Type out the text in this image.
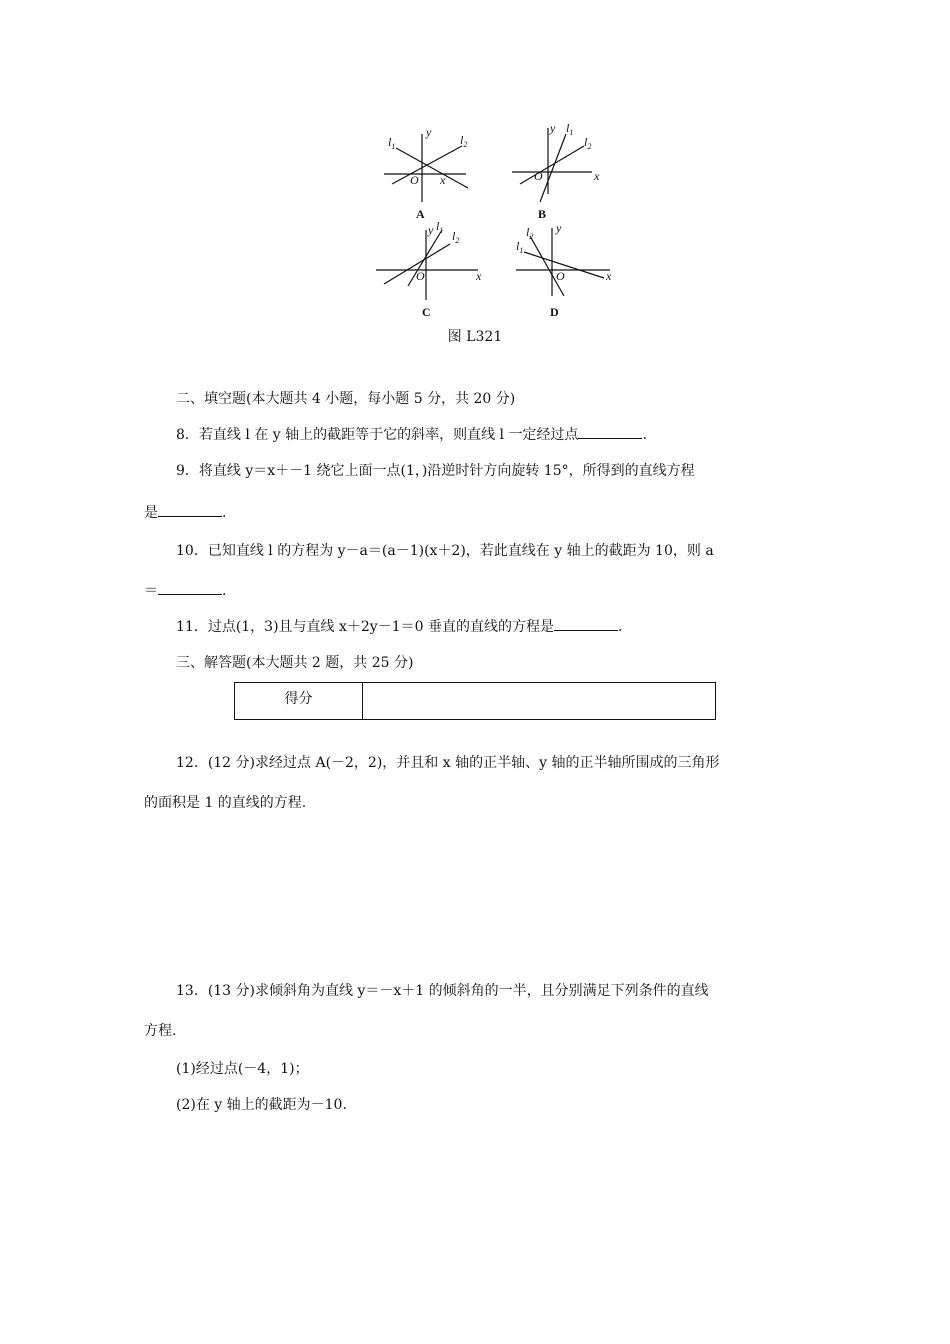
$l_1$	$l_2$
y
x
O
A
$l_1$
$l_2$
y
x
O
B
$l_1$ $l_2$
y
x
O
C
$l_1$
$l_2$
y
x
O
D
图 L321
二、填空题(本大题共 4 小题，每小题 5 分，共 20 分)
8．若直线 l 在 y 轴上的截距等于它的斜率，则直线 l 一定经过点	.
9．将直线 y＝x＋－1 绕它上面一点(1，)沿逆时针方向旋转 15°，所得到的直线方程
是	.
10．已知直线 l 的方程为 y－a＝(a－1)(x＋2)，若此直线在 y 轴上的截距为 10，则 a
＝	.
11．过点(1，3)且与直线 x＋2y－1＝0 垂直的直线的方程是	.
三、解答题(本大题共 2 题，共 25 分)
得分
12．(12 分)求经过点 A(－2，2)，并且和 x 轴的正半轴、y 轴的正半轴所围成的三角形
的面积是 1 的直线的方程.
13．(13 分)求倾斜角为直线 y＝－x＋1 的倾斜角的一半，且分别满足下列条件的直线
方程.
(1)经过点(－4，1)；
(2)在 y 轴上的截距为－10.
